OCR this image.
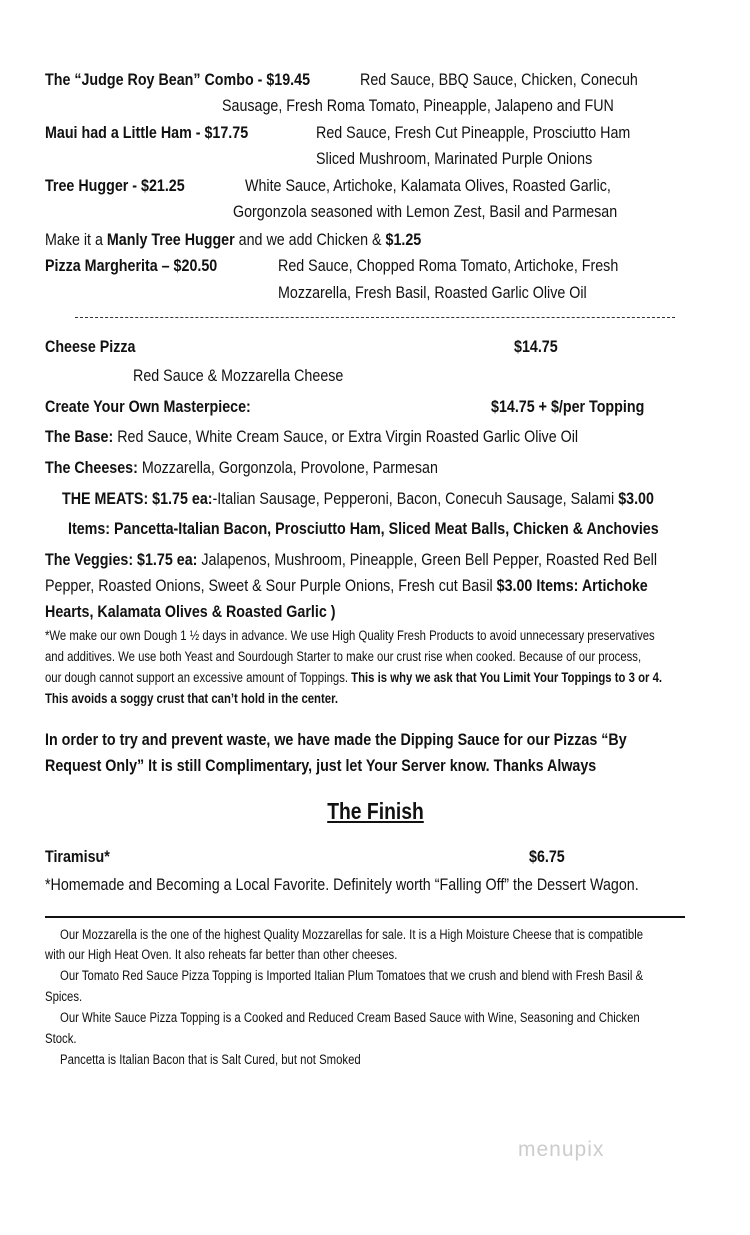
The “Judge Roy Bean” Combo - $19.45	Red Sauce, BBQ Sauce, Chicken, Conecuh
Sausage, Fresh Roma Tomato, Pineapple, Jalapeno and FUN
Maui had a Little Ham - $17.75	Red Sauce, Fresh Cut Pineapple, Prosciutto Ham
Sliced Mushroom, Marinated Purple Onions
Tree Hugger - $21.25	White Sauce, Artichoke, Kalamata Olives, Roasted Garlic,
Gorgonzola seasoned with Lemon Zest, Basil and Parmesan
Make it a Manly Tree Hugger and we add Chicken & $1.25
Pizza Margherita – $20.50	Red Sauce, Chopped Roma Tomato, Artichoke, Fresh
Mozzarella, Fresh Basil, Roasted Garlic Olive Oil
Cheese Pizza	$14.75
Red Sauce & Mozzarella Cheese
Create Your Own Masterpiece:	$14.75 + $/per Topping
The Base: Red Sauce, White Cream Sauce, or Extra Virgin Roasted Garlic Olive Oil
The Cheeses: Mozzarella, Gorgonzola, Provolone, Parmesan
THE MEATS: $1.75 ea:-Italian Sausage, Pepperoni, Bacon, Conecuh Sausage, Salami $3.00
Items: Pancetta-Italian Bacon, Prosciutto Ham, Sliced Meat Balls, Chicken & Anchovies
The Veggies: $1.75 ea: Jalapenos, Mushroom, Pineapple, Green Bell Pepper, Roasted Red Bell
Pepper, Roasted Onions, Sweet & Sour Purple Onions, Fresh cut Basil $3.00 Items: Artichoke
Hearts, Kalamata Olives & Roasted Garlic )
*We make our own Dough 1 ½ days in advance. We use High Quality Fresh Products to avoid unnecessary preservatives
and additives. We use both Yeast and Sourdough Starter to make our crust rise when cooked. Because of our process,
our dough cannot support an excessive amount of Toppings. This is why we ask that You Limit Your Toppings to 3 or 4.
This avoids a soggy crust that can’t hold in the center.
In order to try and prevent waste, we have made the Dipping Sauce for our Pizzas “By
Request Only” It is still Complimentary, just let Your Server know. Thanks Always
The Finish
Tiramisu*	$6.75
*Homemade and Becoming a Local Favorite. Definitely worth “Falling Off” the Dessert Wagon.
Our Mozzarella is the one of the highest Quality Mozzarellas for sale. It is a High Moisture Cheese that is compatible
with our High Heat Oven. It also reheats far better than other cheeses.
Our Tomato Red Sauce Pizza Topping is Imported Italian Plum Tomatoes that we crush and blend with Fresh Basil &
Spices.
Our White Sauce Pizza Topping is a Cooked and Reduced Cream Based Sauce with Wine, Seasoning and Chicken
Stock.
Pancetta is Italian Bacon that is Salt Cured, but not Smoked
menupix
